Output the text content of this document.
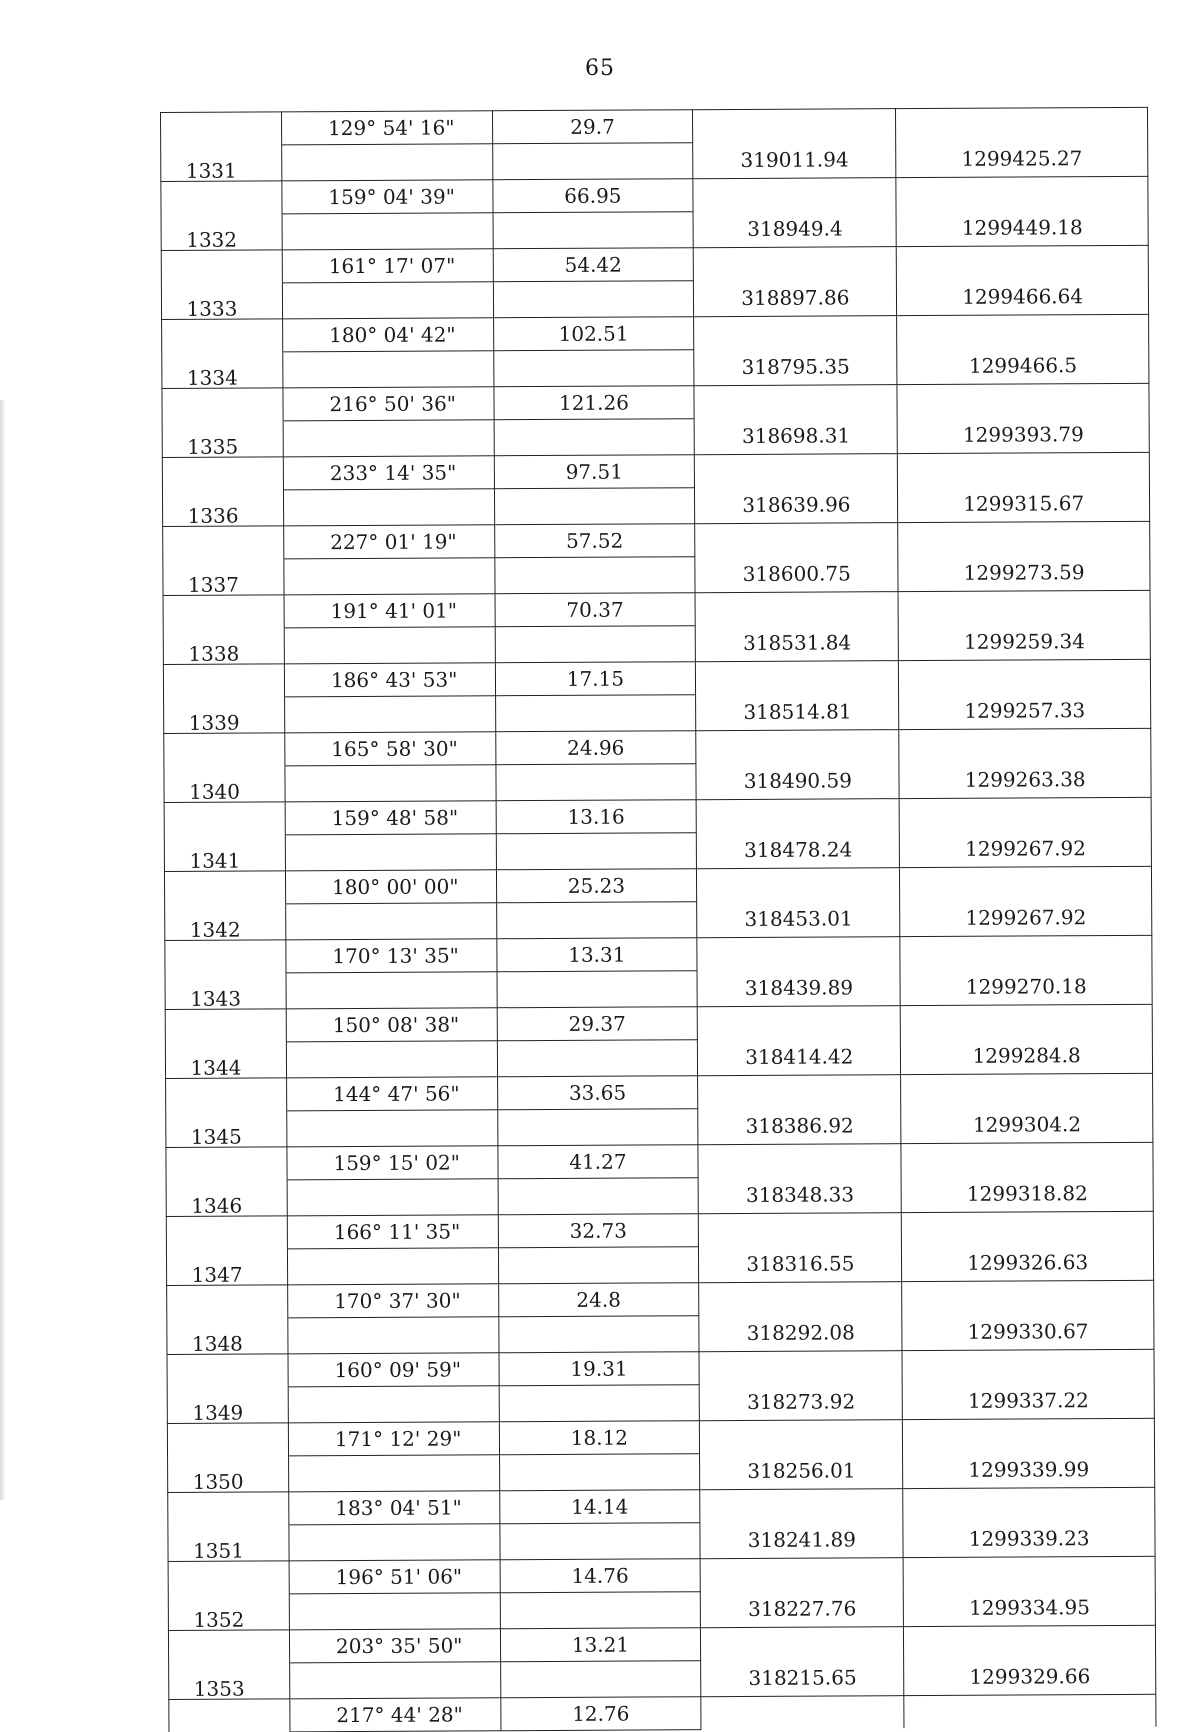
65
	129° 54' 16"	29.7		
1331			319011.94	1299425.27
	159° 04' 39"	66.95		
1332			318949.4	1299449.18
	161° 17' 07"	54.42		
1333			318897.86	1299466.64
	180° 04' 42"	102.51		
1334			318795.35	1299466.5
	216° 50' 36"	121.26		
1335			318698.31	1299393.79
	233° 14' 35"	97.51		
1336			318639.96	1299315.67
	227° 01' 19"	57.52		
1337			318600.75	1299273.59
	191° 41' 01"	70.37		
1338			318531.84	1299259.34
	186° 43' 53"	17.15		
1339			318514.81	1299257.33
	165° 58' 30"	24.96		
1340			318490.59	1299263.38
	159° 48' 58"	13.16		
1341			318478.24	1299267.92
	180° 00' 00"	25.23		
1342			318453.01	1299267.92
	170° 13' 35"	13.31		
1343			318439.89	1299270.18
	150° 08' 38"	29.37		
1344			318414.42	1299284.8
	144° 47' 56"	33.65		
1345			318386.92	1299304.2
	159° 15' 02"	41.27		
1346			318348.33	1299318.82
	166° 11' 35"	32.73		
1347			318316.55	1299326.63
	170° 37' 30"	24.8		
1348			318292.08	1299330.67
	160° 09' 59"	19.31		
1349			318273.92	1299337.22
	171° 12' 29"	18.12		
1350			318256.01	1299339.99
	183° 04' 51"	14.14		
1351			318241.89	1299339.23
	196° 51' 06"	14.76		
1352			318227.76	1299334.95
	203° 35' 50"	13.21		
1353			318215.65	1299329.66
	217° 44' 28"	12.76		
